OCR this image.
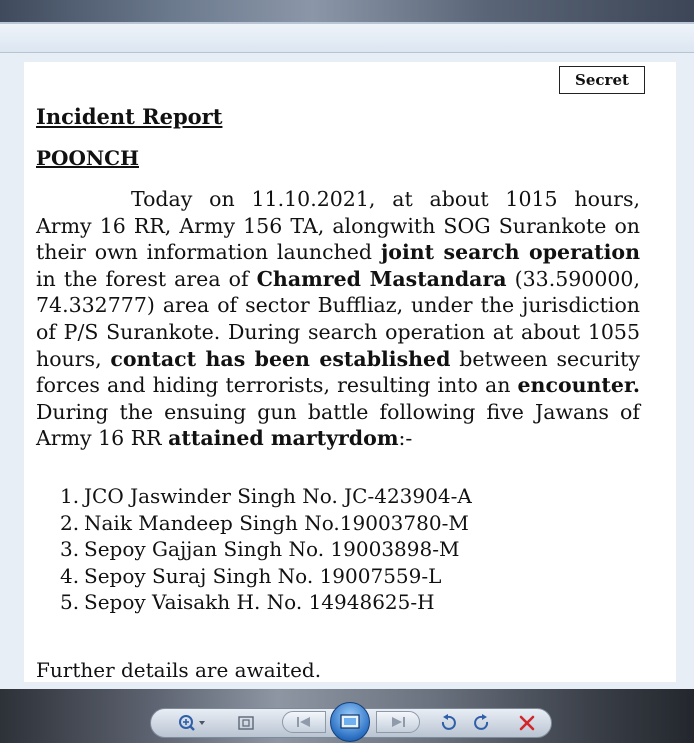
Secret
Incident Report
POONCH
Today on 11.10.2021, at about 1015 hours, Army 16 RR, Army 156 TA, alongwith SOG Surankote on their own information launched joint search operation in the forest area of Chamred Mastandara (33.590000, 74.332777) area of sector Buffliaz, under the jurisdiction of P/S Surankote. During search operation at about 1055 hours, contact has been established between security forces and hiding terrorists, resulting into an encounter. During the ensuing gun battle following five Jawans of Army 16 RR attained martyrdom:-
1. JCO Jaswinder Singh No. JC-423904-A
2. Naik Mandeep Singh No.19003780-M
3. Sepoy Gajjan Singh No. 19003898-M
4. Sepoy Suraj Singh No. 19007559-L
5. Sepoy Vaisakh H. No. 14948625-H
Further details are awaited.
